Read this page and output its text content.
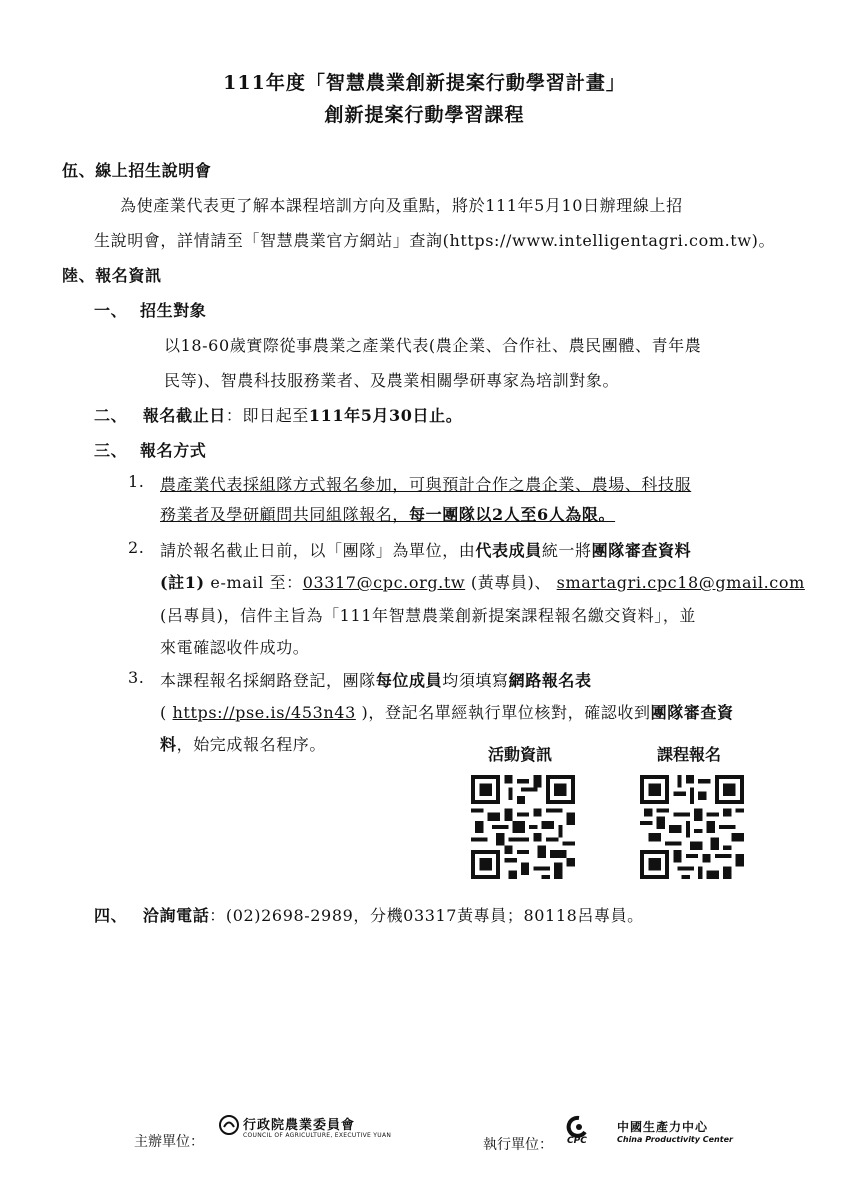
111年度「智慧農業創新提案行動學習計畫」
創新提案行動學習課程
伍、線上招生說明會
為使產業代表更了解本課程培訓方向及重點，將於111年5月10日辦理線上招
生說明會，詳情請至「智慧農業官方網站」查詢(https://www.intelligentagri.com.tw)。
陸、報名資訊
一、 招生對象
以18-60歲實際從事農業之產業代表(農企業、合作社、農民團體、青年農
民等)、智農科技服務業者、及農業相關學研專家為培訓對象。
二、 報名截止日：即日起至111年5月30日止。
三、 報名方式
1. 農產業代表採組隊方式報名參加，可與預計合作之農企業、農場、科技服
務業者及學研顧問共同組隊報名，每一團隊以2人至6人為限。
2. 請於報名截止日前，以「團隊」為單位，由代表成員統一將團隊審查資料
(註1) e-mail 至：03317@cpc.org.tw (黃專員)、 smartagri.cpc18@gmail.com
(呂專員)，信件主旨為「111年智慧農業創新提案課程報名繳交資料」，並
來電確認收件成功。
3. 本課程報名採網路登記，團隊每位成員均須填寫網路報名表
( https://pse.is/453n43 )，登記名單經執行單位核對，確認收到團隊審查資
料，始完成報名程序。
活動資訊	課程報名
四、 洽詢電話：(02)2698-2989，分機03317黃專員；80118呂專員。
主辦單位：
行政院農業委員會
COUNCIL OF AGRICULTURE, EXECUTIVE YUAN
執行單位： CPC
中國生產力中心
China Productivity Center
